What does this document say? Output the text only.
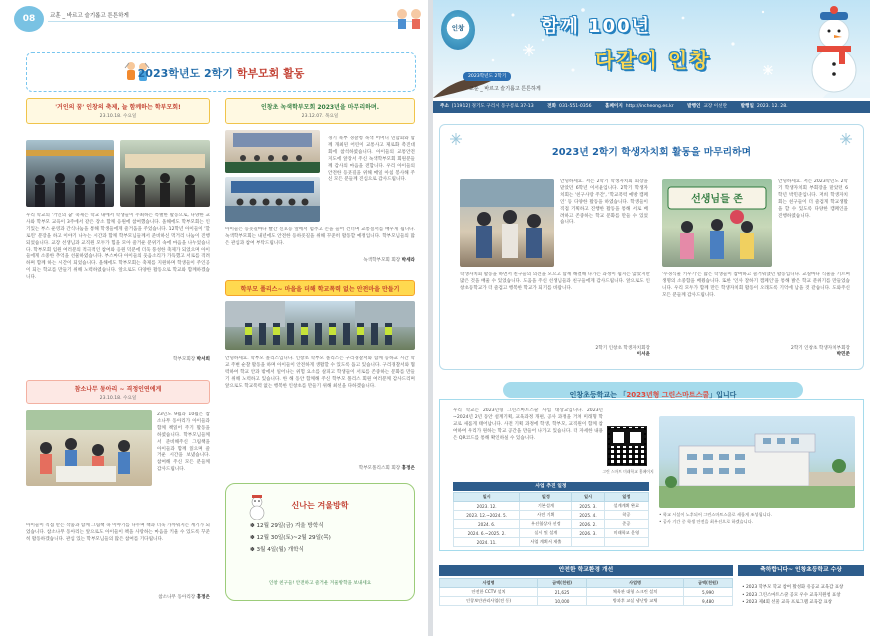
08	교훈 _ 바르고 슬기롭고 튼튼하게
2023학년도 2학기 학부모회 활동
'거인의 꿈' 인창의 축제, 늘 함께하는 학부모회!
23.10.18. 수요일
우리 학교의 '거인의 꿈' 축제는 학교 내에서 학생들이 주최하는 특별한 활동으로, 다양한 교사와 학부모 교육이 3주에서 같은 장소 함께 응원에 참여했습니다. 올해에도 학부모회는 인기있는 부스 운영과 간식나눔을 통해 학생들에게 즐거움을 주었습니다. 12학년 아이들이 '할로윈' 분장을 하고 이야기 나누는 시간과 함께 학부모님들께서 준비하신 먹거리 나눔이 진행되었습니다. 교장 선생님과 교직원 모두가 힘을 모아 즐거운 분위기 속에 마음을 나누었습니다. 학부모회 임원 여러분의 적극적인 참여와 응원 덕분에 더욱 풍성한 축제가 되었으며 아이들에게 소중한 추억을 선물하였습니다. 부스마다 아이들의 웃음소리가 가득했고 서로를 격려하며 함께 하는 시간이 되었습니다. 올해에도 학부모회는 축제를 지원하며 학생들이 주인공이 되는 학교를 만들기 위해 노력하였습니다. 앞으로도 다양한 활동으로 학교와 함께하겠습니다.
학부모회장 박서희
인창초 녹색학부모회 2023년을 마무리하며.
23.12.07. 목요일
경기 북부 경찰청 녹색 어머니 연합회와 함께 개최된 어린이 교통사고 제로화 촉진대회에 참석하였습니다. 아이들의 교통안전 지도에 앞장서 주신 녹색학부모회 회원분들께 감사의 마음을 전합니다. 우리 아이들의 안전한 등굣길을 위해 매일 아침 봉사해 주신 모든 분들께 진심으로 감사드립니다.
아이들은 등굣길마다 빨간 신호등 앞에서 멈추고 손을 들어 건너며 교통질서를 배우게 됩니다. 녹색학부모회는 내년에도 안전한 등하굣길을 위해 꾸준히 활동할 예정입니다. 학부모님들의 많은 관심과 참여 부탁드립니다.
녹색학부모회 회장 박세라
학부모 폴리스~ 마을을 더해 학교폭력 없는 안전마을 만들기
안녕하세요. 학부모 폴리스입니다. 인창초 학부모 폴리스는 구리경찰서와 함께 등하교 시간 학교 주변 순찰 활동을 하며 아이들이 안전하게 생활할 수 있도록 돕고 있습니다. 구리경찰서와 협력하여 학교 안과 밖에서 일어나는 위험 요소를 살피고 학생들이 서로를 존중하는 문화를 만들기 위해 노력하고 있습니다. 한 해 동안 함께해 주신 학부모 폴리스 회원 여러분께 감사드리며 앞으로도 학교폭력 없는 행복한 인창초를 만들기 위해 최선을 다하겠습니다.
학부모폴리스회 회장 홍정은
참소나무 동아리 ~ 격정인연에게
23.10.18. 수요일
23년도 9월과 10월은 참소나무 동아리가 아이들과 함께 책읽어 주기 활동을 하였습니다. 학부모님들께서 준비해주신 그림책을 아이들과 함께 읽으며 즐거운 시간을 보냈습니다. 참여해 주신 모든 분들께 감사드립니다.
아이들이 직접 만든 작품과 함께 그림책 속 이야기를 나누며 책과 더욱 가까워지는 계기가 되었습니다. 참소나무 동아리는 앞으로도 아이들이 책을 사랑하는 마음을 키울 수 있도록 꾸준히 활동하겠습니다. 관심 있는 학부모님들의 많은 참여를 기다립니다.
참소나무 동아리장 홍정은
신나는 겨울방학
✽ 12월 29일(금) 겨울 방학식
✽ 12월 30일(토)~2월 29일(목)
✽ 3월 4일(월) 개학식
인창 친구들! 안전하고 즐거운 겨울방학을 보내세요
인창	함께 100년
다같이 인창
2023학년도 2학기
교훈 _ 바르고 슬기롭고 튼튼하게
주소 [11912] 경기도 구리시 동구릉로 37-13	전화 031-551-0356	홈페이지 http://incheong.es.kr	발행인 교장 이선란	발행일 2023. 12. 28.
2023년 2학기 학생자치회 활동을 마무리하며
안녕하세요. 저는 2학기 학생자치회 회장을 맡았던 6학년 이서윤입니다. 2학기 학생자치회는 '친구사랑 주간', '학교폭력 예방 캠페인' 등 다양한 활동을 하였습니다. 학생들이 직접 기획하고 진행한 활동을 통해 서로 배려하고 존중하는 학교 문화를 만들 수 있었습니다.
학생자치회 활동을 하면서 친구들의 의견을 모으고 함께 해결해 나가는 과정이 쉽지는 않았지만 많은 것을 배울 수 있었습니다. 도움을 주신 선생님들과 친구들에게 감사드립니다. 앞으로도 인창초등학교가 더 즐겁고 행복한 학교가 되기를 바랍니다.
2학기 인창초 학생자치회장
이서윤
선생님들 존
안녕하세요. 저는 2023학년도 2학기 학생자치회 부회장을 맡았던 6학년 박민준입니다. 저희 학생자치회는 친구들이 더 즐겁게 학교생활을 할 수 있도록 다양한 캠페인을 진행하였습니다.
'수경식물 키우기'는 많은 학생들이 참여하고 즐거워했던 활동입니다. 교실마다 식물을 기르며 생명의 소중함을 배웠습니다. 또한 '인사 잘하기 캠페인'을 통해 밝은 학교 분위기를 만들었습니다. 우리 모두가 함께 만든 학생자치회 활동이 오래도록 기억에 남을 것 같습니다. 도와주신 모든 분들께 감사드립니다.
2학기 인창초 학생자치부회장
박민준
인창초등학교는 「2023년형 그린스마트스쿨」입니다
우리 학교는 2023년형 그린스마트스쿨 사업 대상교입니다. 2023년~2024년 2년 동안 설계기획, 교육과정 개편, 공사 과정을 거쳐 미래형 학교로 새롭게 태어납니다. 사전 기획 과정에 학생, 학부모, 교직원이 함께 참여하여 우리가 원하는 학교 공간을 만들어 나가고 있습니다. 더 자세한 내용은 QR코드를 통해 확인하실 수 있습니다.
그린 스마트 미래학교 홈페이지
사업 추진 일정
일시	일정	일시	일정
2023. 12.	기본설계	2025. 3.	설계계획 완료
2023. 12.~2024. 5.	사전 기획	2025. 4.	착공
2024. 6.	우선협상자 선정	2026. 2.	준공
2024. 6.~2025. 2.	실시 및 설계	2026. 3.	미래학교 운영
2024. 11.	사업 계획서 제출		
• 학교 시설이 노후되어 그린스마트스쿨로 새롭게 조성됩니다.
• 공사 기간 중 학생 안전을 최우선으로 하겠습니다.
안전한 학교환경 개선
사업명	금액(천원)	사업명	금액(천원)
안전한 CCTV 설치	21,625	체육관 대형 스크린 설치	5,990
인창보안관리사업(전 동)	10,000	방과후 교실 냉난방 교체	9,480
축하합니다~ 인창초등학교 수상
• 2023 학부모 학교 참여 활성화 유공교 교육감 표창
• 2023 그린스마트스쿨 공모 우수 교육지원청 표창
• 2023 제4회 선물 교육 프로그램 교육감 표창
